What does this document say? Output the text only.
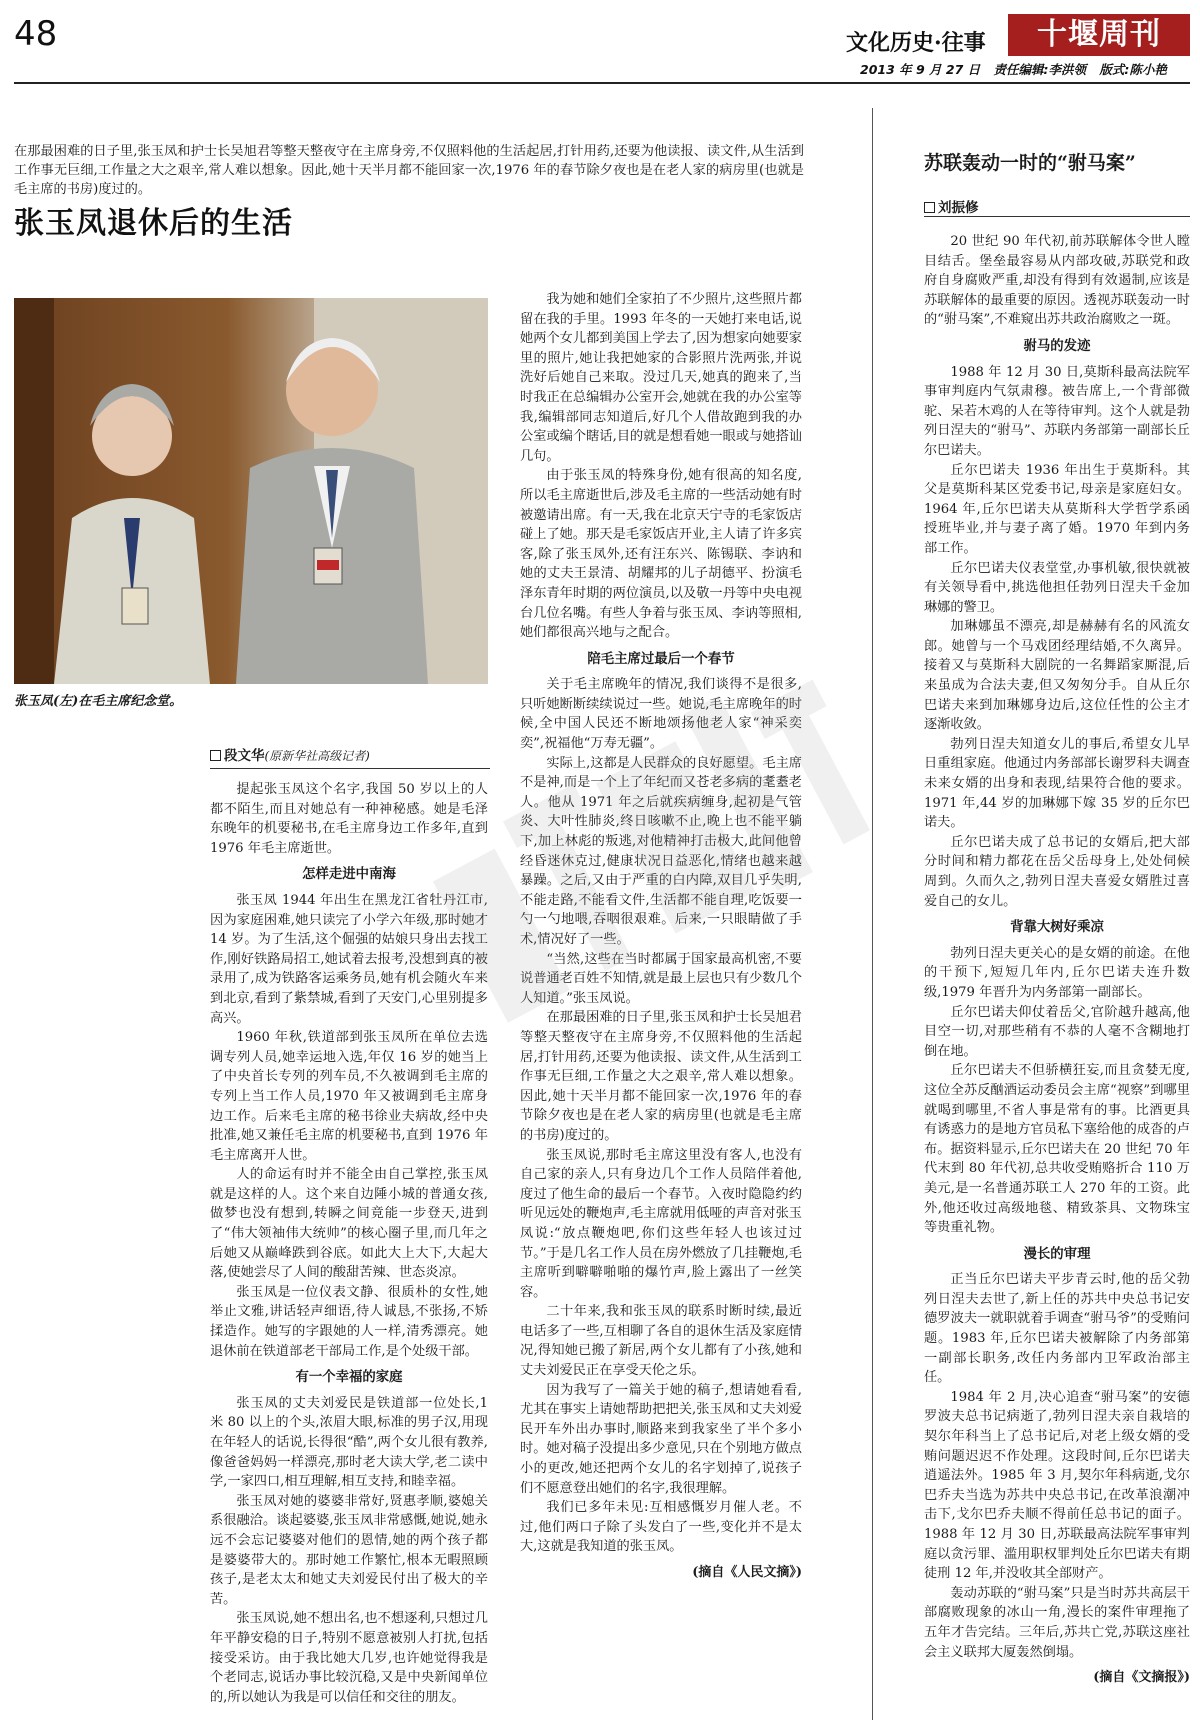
48	文化历史·往事	十堰周刊
2013 年 9 月 27 日 责任编辑:李洪领 版式:陈小艳

在那最困难的日子里,张玉凤和护士长吴旭君等整天整夜守在主席身旁,不仅照料他的生活起居,打针用药,还要为他读报、读文件,从生活到工作事无巨细,工作量之大之艰辛,常人难以想象。因此,她十天半月都不能回家一次,1976 年的春节除夕夜也是在老人家的病房里(也就是毛主席的书房)度过的。

张玉凤退休后的生活
张玉凤(左)在毛主席纪念堂。
段文华(原新华社高级记者)

提起张玉凤这个名字,我国 50 岁以上的人都不陌生,而且对她总有一种神秘感。她是毛泽东晚年的机要秘书,在毛主席身边工作多年,直到 1976 年毛主席逝世。

怎样走进中南海

张玉凤 1944 年出生在黑龙江省牡丹江市,因为家庭困难,她只读完了小学六年级,那时她才 14 岁。为了生活,这个倔强的姑娘只身出去找工作,刚好铁路局招工,她试着去报考,没想到真的被录用了,成为铁路客运乘务员,她有机会随火车来到北京,看到了紫禁城,看到了天安门,心里别提多高兴。

1960 年秋,铁道部到张玉凤所在单位去选调专列人员,她幸运地入选,年仅 16 岁的她当上了中央首长专列的列车员,不久被调到毛主席的专列上当工作人员,1970 年又被调到毛主席身边工作。后来毛主席的秘书徐业夫病故,经中央批准,她又兼任毛主席的机要秘书,直到 1976 年毛主席离开人世。

人的命运有时并不能全由自己掌控,张玉凤就是这样的人。这个来自边陲小城的普通女孩,做梦也没有想到,转瞬之间竟能一步登天,进到了“伟大领袖伟大统帅”的核心圈子里,而几年之后她又从巅峰跌到谷底。如此大上大下,大起大落,使她尝尽了人间的酸甜苦辣、世态炎凉。

张玉凤是一位仪表文静、很质朴的女性,她举止文雅,讲话轻声细语,待人诚恳,不张扬,不矫揉造作。她写的字跟她的人一样,清秀漂亮。她退休前在铁道部老干部局工作,是个处级干部。

有一个幸福的家庭

张玉凤的丈夫刘爱民是铁道部一位处长,1 米 80 以上的个头,浓眉大眼,标准的男子汉,用现在年轻人的话说,长得很“酷”,两个女儿很有教养,像爸爸妈妈一样漂亮,那时老大读大学,老二读中学,一家四口,相互理解,相互支持,和睦幸福。

张玉凤对她的婆婆非常好,贤惠孝顺,婆媳关系很融洽。谈起婆婆,张玉凤非常感慨,她说,她永远不会忘记婆婆对他们的恩情,她的两个孩子都是婆婆带大的。那时她工作繁忙,根本无暇照顾孩子,是老太太和她丈夫刘爱民付出了极大的辛苦。

张玉凤说,她不想出名,也不想逐利,只想过几年平静安稳的日子,特别不愿意被别人打扰,包括接受采访。由于我比她大几岁,也许她觉得我是个老同志,说话办事比较沉稳,又是中央新闻单位的,所以她认为我是可以信任和交往的朋友。

我为她和她们全家拍了不少照片,这些照片都留在我的手里。1993 年冬的一天她打来电话,说她两个女儿都到美国上学去了,因为想家向她要家里的照片,她让我把她家的合影照片洗两张,并说洗好后她自己来取。没过几天,她真的跑来了,当时我正在总编辑办公室开会,她就在我的办公室等我,编辑部同志知道后,好几个人借故跑到我的办公室或编个瞎话,目的就是想看她一眼或与她搭讪几句。

由于张玉凤的特殊身份,她有很高的知名度,所以毛主席逝世后,涉及毛主席的一些活动她有时被邀请出席。有一天,我在北京天宁寺的毛家饭店碰上了她。那天是毛家饭店开业,主人请了许多宾客,除了张玉凤外,还有汪东兴、陈锡联、李讷和她的丈夫王景清、胡耀邦的儿子胡德平、扮演毛泽东青年时期的两位演员,以及敬一丹等中央电视台几位名嘴。有些人争着与张玉凤、李讷等照相,她们都很高兴地与之配合。

陪毛主席过最后一个春节

关于毛主席晚年的情况,我们谈得不是很多,只听她断断续续说过一些。她说,毛主席晚年的时候,全中国人民还不断地颂扬他老人家“神采奕奕”,祝福他“万寿无疆”。

实际上,这都是人民群众的良好愿望。毛主席不是神,而是一个上了年纪而又苍老多病的耄耋老人。他从 1971 年之后就疾病缠身,起初是气管炎、大叶性肺炎,终日咳嗽不止,晚上也不能平躺下,加上林彪的叛逃,对他精神打击极大,此间他曾经昏迷休克过,健康状况日益恶化,情绪也越来越暴躁。之后,又由于严重的白内障,双目几乎失明,不能走路,不能看文件,生活都不能自理,吃饭要一勺一勺地喂,吞咽很艰难。后来,一只眼睛做了手术,情况好了一些。

“当然,这些在当时都属于国家最高机密,不要说普通老百姓不知情,就是最上层也只有少数几个人知道。”张玉凤说。

在那最困难的日子里,张玉凤和护士长吴旭君等整天整夜守在主席身旁,不仅照料他的生活起居,打针用药,还要为他读报、读文件,从生活到工作事无巨细,工作量之大之艰辛,常人难以想象。因此,她十天半月都不能回家一次,1976 年的春节除夕夜也是在老人家的病房里(也就是毛主席的书房)度过的。

张玉凤说,那时毛主席这里没有客人,也没有自己家的亲人,只有身边几个工作人员陪伴着他,度过了他生命的最后一个春节。入夜时隐隐约约听见远处的鞭炮声,毛主席就用低哑的声音对张玉凤说:“放点鞭炮吧,你们这些年轻人也该过过节。”于是几名工作人员在房外燃放了几挂鞭炮,毛主席听到噼噼啪啪的爆竹声,脸上露出了一丝笑容。

二十年来,我和张玉凤的联系时断时续,最近电话多了一些,互相聊了各自的退休生活及家庭情况,得知她已搬了新居,两个女儿都有了小孩,她和丈夫刘爱民正在享受天伦之乐。

因为我写了一篇关于她的稿子,想请她看看,尤其在事实上请她帮助把把关,张玉凤和丈夫刘爱民开车外出办事时,顺路来到我家坐了半个多小时。她对稿子没提出多少意见,只在个别地方做点小的更改,她还把两个女儿的名字划掉了,说孩子们不愿意登出她们的名字,我很理解。

我们已多年未见:互相感慨岁月催人老。不过,他们两口子除了头发白了一些,变化并不是太大,这就是我知道的张玉凤。

(摘自《人民文摘》)
苏联轰动一时的“驸马案”
刘振修

20 世纪 90 年代初,前苏联解体令世人瞠目结舌。堡垒最容易从内部攻破,苏联党和政府自身腐败严重,却没有得到有效遏制,应该是苏联解体的最重要的原因。透视苏联轰动一时的“驸马案”,不难窥出苏共政治腐败之一斑。

驸马的发迹

1988 年 12 月 30 日,莫斯科最高法院军事审判庭内气氛肃穆。被告席上,一个背部微驼、呆若木鸡的人在等待审判。这个人就是勃列日涅夫的“驸马”、苏联内务部第一副部长丘尔巴诺夫。

丘尔巴诺夫 1936 年出生于莫斯科。其父是莫斯科某区党委书记,母亲是家庭妇女。1964 年,丘尔巴诺夫从莫斯科大学哲学系函授班毕业,并与妻子离了婚。1970 年到内务部工作。

丘尔巴诺夫仪表堂堂,办事机敏,很快就被有关领导看中,挑选他担任勃列日涅夫千金加琳娜的警卫。

加琳娜虽不漂亮,却是赫赫有名的风流女郎。她曾与一个马戏团经理结婚,不久离异。接着又与莫斯科大剧院的一名舞蹈家厮混,后来虽成为合法夫妻,但又匆匆分手。自从丘尔巴诺夫来到加琳娜身边后,这位任性的公主才逐渐收敛。

勃列日涅夫知道女儿的事后,希望女儿早日重组家庭。他通过内务部部长谢罗科夫调查未来女婿的出身和表现,结果符合他的要求。1971 年,44 岁的加琳娜下嫁 35 岁的丘尔巴诺夫。

丘尔巴诺夫成了总书记的女婿后,把大部分时间和精力都花在岳父岳母身上,处处伺候周到。久而久之,勃列日涅夫喜爱女婿胜过喜爱自己的女儿。

背靠大树好乘凉

勃列日涅夫更关心的是女婿的前途。在他的干预下,短短几年内,丘尔巴诺夫连升数级,1979 年晋升为内务部第一副部长。

丘尔巴诺夫仰仗着岳父,官阶越升越高,他目空一切,对那些稍有不恭的人毫不含糊地打倒在地。

丘尔巴诺夫不但骄横狂妄,而且贪婪无度,这位全苏反酗酒运动委员会主席“视察”到哪里就喝到哪里,不省人事是常有的事。比酒更具有诱惑力的是地方官员私下塞给他的成沓的卢布。据资料显示,丘尔巴诺夫在 20 世纪 70 年代末到 80 年代初,总共收受贿赂折合 110 万美元,是一名普通苏联工人 270 年的工资。此外,他还收过高级地毯、精致茶具、文物珠宝等贵重礼物。

漫长的审理

正当丘尔巴诺夫平步青云时,他的岳父勃列日涅夫去世了,新上任的苏共中央总书记安德罗波夫一就职就着手调查“驸马爷”的受贿问题。1983 年,丘尔巴诺夫被解除了内务部第一副部长职务,改任内务部内卫军政治部主任。

1984 年 2 月,决心追查“驸马案”的安德罗波夫总书记病逝了,勃列日涅夫亲自栽培的契尔年科当上了总书记后,对老上级女婿的受贿问题迟迟不作处理。这段时间,丘尔巴诺夫逍遥法外。1985 年 3 月,契尔年科病逝,戈尔巴乔夫当选为苏共中央总书记,在改革浪潮冲击下,戈尔巴乔夫顺不得前任总书记的面子。1988 年 12 月 30 日,苏联最高法院军事审判庭以贪污罪、滥用职权罪判处丘尔巴诺夫有期徒刑 12 年,并没收其全部财产。

轰动苏联的“驸马案”只是当时苏共高层干部腐败现象的冰山一角,漫长的案件审理拖了五年才告完结。三年后,苏共亡党,苏联这座社会主义联邦大厦轰然倒塌。

(摘自《文摘报》)
